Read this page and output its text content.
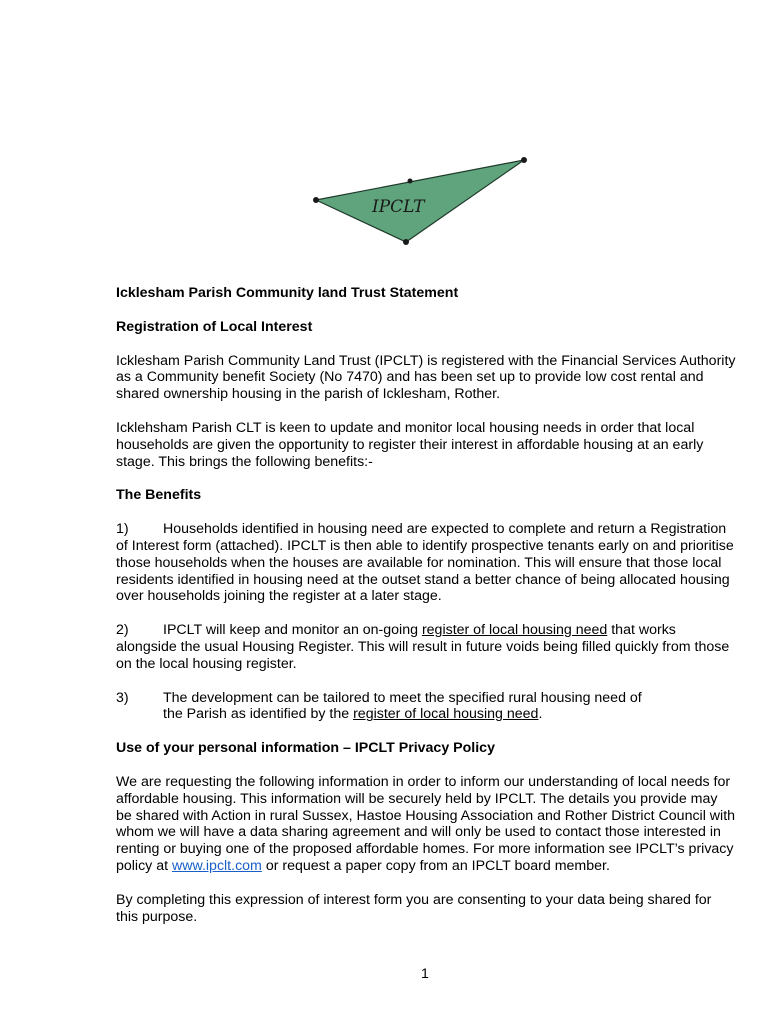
IPCLT
Icklesham Parish Community land Trust Statement
Registration of Local Interest
Icklesham Parish Community Land Trust (IPCLT) is registered with the Financial Services Authority as a Community benefit Society (No 7470) and has been set up to provide low cost rental and shared ownership housing in the parish of Icklesham, Rother.
Icklehsham Parish CLT is keen to update and monitor local housing needs in order that local households are given the opportunity to register their interest in affordable housing at an early stage. This brings the following benefits:-
The Benefits
1) Households identified in housing need are expected to complete and return a Registration of Interest form (attached). IPCLT is then able to identify prospective tenants early on and prioritise those households when the houses are available for nomination. This will ensure that those local residents identified in housing need at the outset stand a better chance of being allocated housing over households joining the register at a later stage.
2) IPCLT will keep and monitor an on-going register of local housing need that works alongside the usual Housing Register. This will result in future voids being filled quickly from those on the local housing register.
3)	The development can be tailored to meet the specified rural housing need of the Parish as identified by the register of local housing need.
Use of your personal information – IPCLT Privacy Policy
We are requesting the following information in order to inform our understanding of local needs for affordable housing. This information will be securely held by IPCLT. The details you provide may be shared with Action in rural Sussex, Hastoe Housing Association and Rother District Council with whom we will have a data sharing agreement and will only be used to contact those interested in renting or buying one of the proposed affordable homes. For more information see IPCLT’s privacy policy at www.ipclt.com or request a paper copy from an IPCLT board member.
By completing this expression of interest form you are consenting to your data being shared for this purpose.
1
